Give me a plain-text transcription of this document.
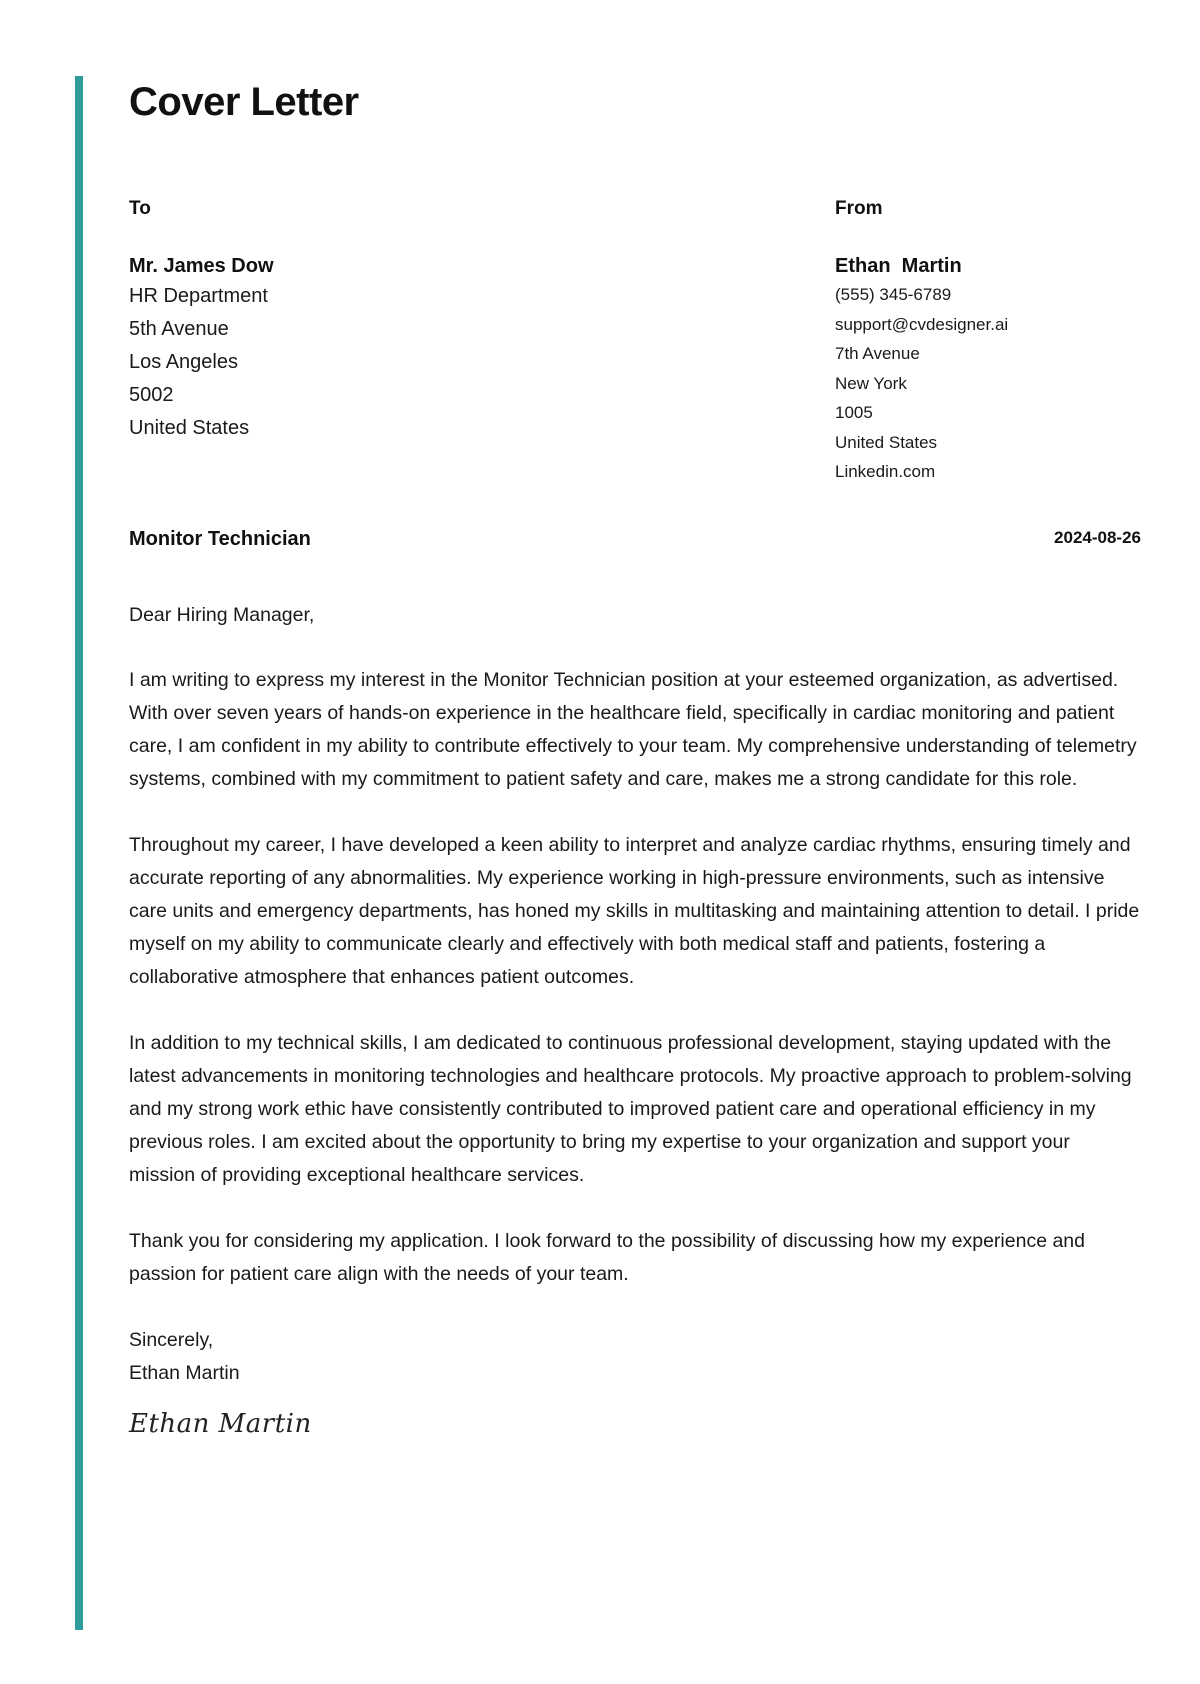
Cover Letter
To
Mr. James Dow
HR Department
5th Avenue
Los Angeles
5002
United States
From
Ethan  Martin
(555) 345-6789
support@cvdesigner.ai
7th Avenue
New York
1005
United States
Linkedin.com
Monitor Technician	2024-08-26

Dear Hiring Manager,

I am writing to express my interest in the Monitor Technician position at your esteemed organization, as advertised. With over seven years of hands-on experience in the healthcare field, specifically in cardiac monitoring and patient care, I am confident in my ability to contribute effectively to your team. My comprehensive understanding of telemetry systems, combined with my commitment to patient safety and care, makes me a strong candidate for this role.

Throughout my career, I have developed a keen ability to interpret and analyze cardiac rhythms, ensuring timely and accurate reporting of any abnormalities. My experience working in high-pressure environments, such as intensive care units and emergency departments, has honed my skills in multitasking and maintaining attention to detail. I pride myself on my ability to communicate clearly and effectively with both medical staff and patients, fostering a collaborative atmosphere that enhances patient outcomes.

In addition to my technical skills, I am dedicated to continuous professional development, staying updated with the latest advancements in monitoring technologies and healthcare protocols. My proactive approach to problem-solving and my strong work ethic have consistently contributed to improved patient care and operational efficiency in my previous roles. I am excited about the opportunity to bring my expertise to your organization and support your mission of providing exceptional healthcare services.

Thank you for considering my application. I look forward to the possibility of discussing how my experience and passion for patient care align with the needs of your team.

Sincerely,
Ethan Martin
Ethan Martin
